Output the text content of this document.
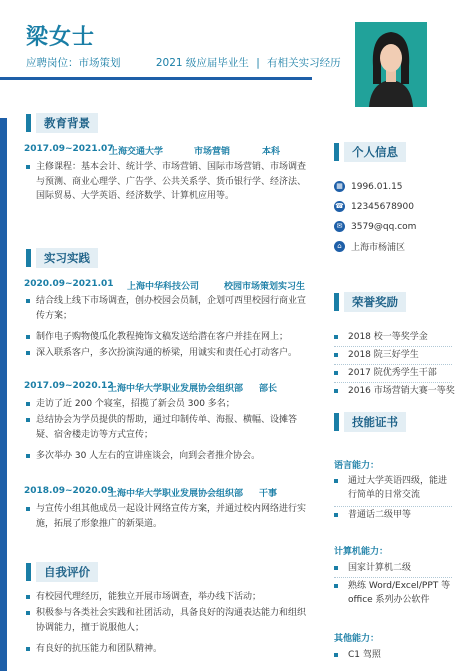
梁女士
应聘岗位：市场策划	2021 级应届毕业生 | 有相关实习经历
教育背景
2017.09~2021.07
上海交通大学	市场营销	本科
主修课程：基本会计、统计学、市场营销、国际市场营销、市场调查与预测、商业心理学、广告学、公共关系学、货币银行学、经济法、国际贸易、大学英语、经济数学、计算机应用等。
实习实践
2020.09~2021.01 上海中华科技公司	校园市场策划实习生
结合线上线下市场调查，创办校园会员制，企划可西里校园行商业宣传方案；
制作电子购物傻瓜化教程掩饰文稿发送给潜在客户并挂在网上；
深入联系客户，多次扮演沟通的桥梁，用诚实和责任心打动客户。
2017.09~2020.12
上海中华大学职业发展协会组织部 部长
走访了近 200 个寝室，招揽了新会员 300 多名；
总结协会为学员提供的帮助，通过印制传单、海报、横幅、设摊答疑、宿舍楼走访等方式宣传；
多次举办 30 人左右的宣讲座谈会，向到会者推介协会。
2018.09~2020.09
上海中华大学职业发展协会组织部 干事
与宣传小组其他成员一起设计网络宣传方案，并通过校内网络进行实施，拓展了形象推广的新渠道。
自我评价
有校园代理经历，能独立开展市场调查，举办线下活动；
积极参与各类社会实践和社团活动，具备良好的沟通表达能力和组织协调能力，擅于说服他人；
有良好的抗压能力和团队精神。
个人信息
▦ 1996.01.15
☎ 12345678900
✉ 3579@qq.com
⌂	上海市杨浦区
荣誉奖励
2018 校一等奖学金
2018 院三好学生
2017 院优秀学生干部
2016 市场营销大赛一等奖
技能证书
语言能力：
通过大学英语四级，能进行简单的日常交流
普通话二级甲等
计算机能力：
国家计算机二级
熟练 Word/Excel/PPT 等 office 系列办公软件
其他能力：
C1 驾照
